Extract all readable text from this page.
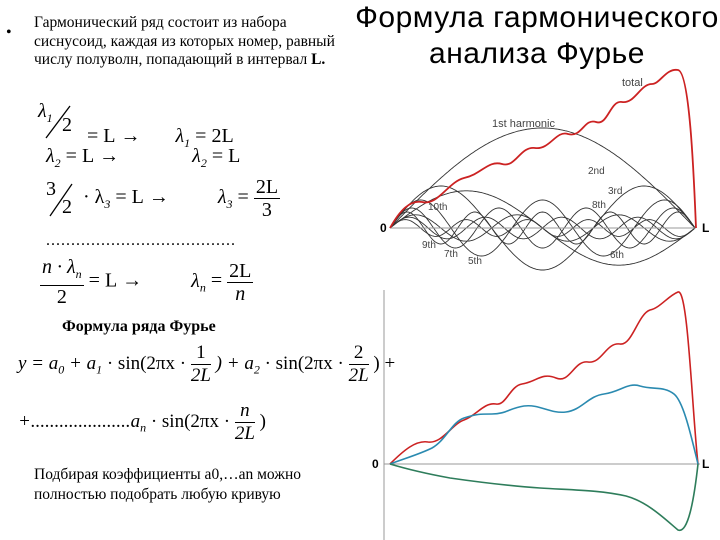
•
Гармонический ряд состоит из набора сиснусоид, каждая из которых номер, равный числу полуволн, попадающий в интервал L.
Формула гармонического анализа Фурье
$\lambda_1$ $2 = L \to \lambda_1 = 2L$
$\lambda_2 = L$ →	$\lambda_2 = L$
3
$2 \cdot \lambda_3 = L \to \lambda_3 = \frac{2L}{3}$
......................................
$\frac{n \cdot \lambda_n}{2} = L \to \lambda_n = \frac{2L}{n}$
Формула ряда Фурье
$y = a_0 + a_1 \cdot \sin(2\pi x \cdot \frac{1}{2L}$ ) + $a_2 \cdot \sin(2\pi x \cdot \frac{2}{2L}$ ) +
$+.....................a_n \cdot \sin(2\pi x \cdot \frac{n}{2L}$ )
Подбирая коэффициенты a0,…an можно полностью подобрать любую кривую
0	L
total
1st harmonic
2nd
3rd
8th
10th
9th
7th
5th
6th
0	L
